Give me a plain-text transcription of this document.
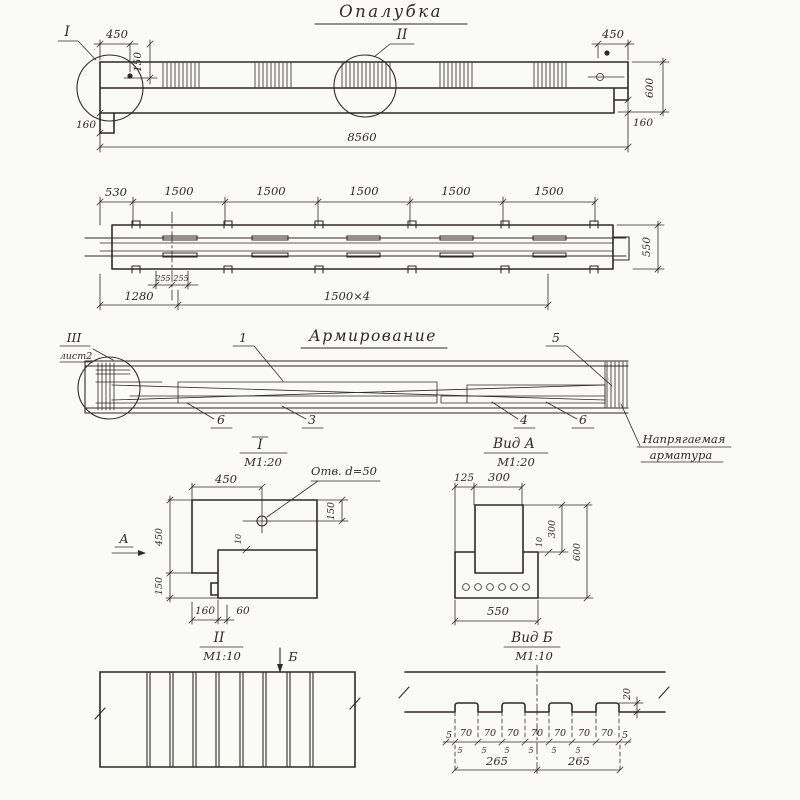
Опалубка
I	II
450
150
450
600
160	160
8560
530	1500	1500	1500	1500	1500
255 255
1280	1500×4
550
Армирование
III
лист2
1	5
6	3	4	6
Напрягаемая
арматура
I
М1:20
Вид А
М1:20
Отв. d=50
450
150
450
150
160 60
10
А
125 300
300
10
600
550
II
М1:10	Б
Вид Б
М1:10
20
5 70 70 70 70 70 70 70 5
5 5 5 5 5 5
265	265
